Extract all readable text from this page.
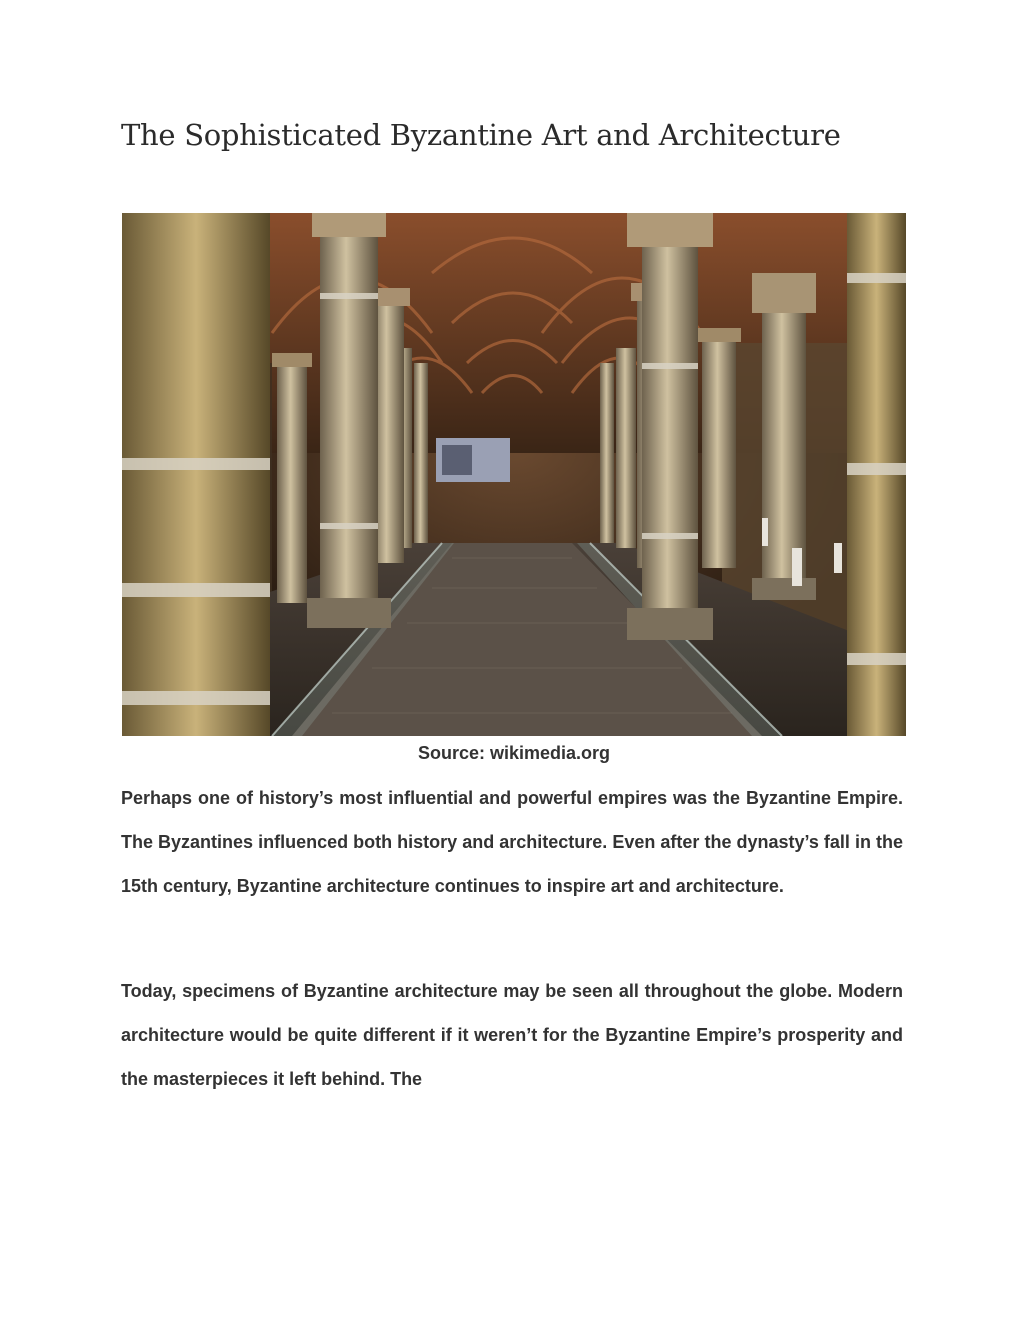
The Sophisticated Byzantine Art and Architecture

Source: wikimedia.org

Perhaps one of history’s most influential and powerful empires was the Byzantine Empire. The Byzantines influenced both history and architecture. Even after the dynasty’s fall in the 15th century, Byzantine architecture continues to inspire art and architecture.

Today, specimens of Byzantine architecture may be seen all throughout the globe. Modern architecture would be quite different if it weren’t for the Byzantine Empire’s prosperity and the masterpieces it left behind. The
